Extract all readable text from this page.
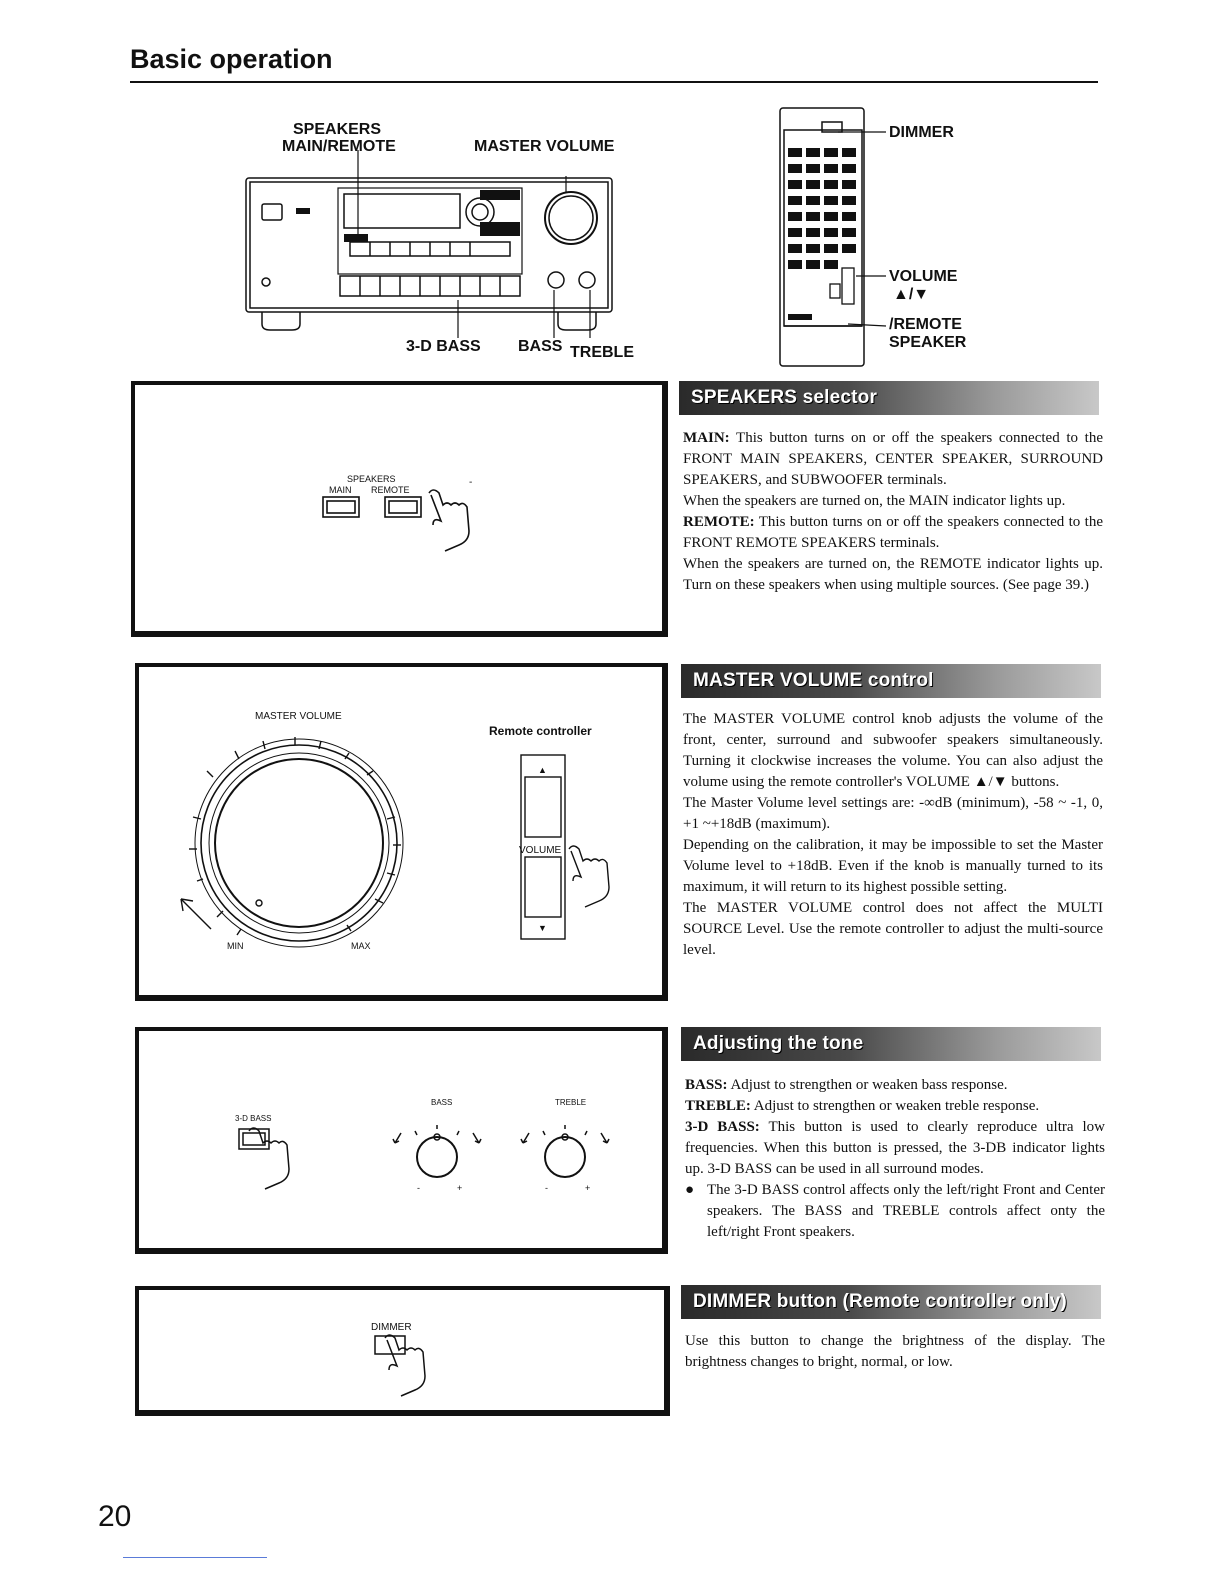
Basic operation
SPEAKERS
MAIN/REMOTE	MASTER VOLUME
3-D BASS BASS TREBLE
DIMMER
VOLUME
▲/▼
/REMOTE
SPEAKER
SPEAKERS
MAIN REMOTE
-
MASTER VOLUME
MIN	MAX
Remote controller
VOLUME
▲
▼
3-D BASS
BASS	TREBLE
-	+	-	+
DIMMER
SPEAKERS selector

MAIN: This button turns on or off the speakers connected to the FRONT MAIN SPEAKERS, CENTER SPEAKER, SURROUND SPEAKERS, and SUBWOOFER terminals.

When the speakers are turned on, the MAIN indicator lights up.

REMOTE: This button turns on or off the speakers connected to the FRONT REMOTE SPEAKERS terminals.

When the speakers are turned on, the REMOTE indicator lights up. Turn on these speakers when using multiple sources. (See page 39.)

MASTER VOLUME control

The MASTER VOLUME control knob adjusts the volume of the front, center, surround and subwoofer speakers simultaneously. Turning it clockwise increases the volume. You can also adjust the volume using the remote controller's VOLUME ▲/▼ buttons.

The Master Volume level settings are: -∞dB (minimum), -58 ~ -1, 0, +1 ~+18dB (maximum).

Depending on the calibration, it may be impossible to set the Master Volume level to +18dB. Even if the knob is manually turned to its maximum, it will return to its highest possible setting.

The MASTER VOLUME control does not affect the MULTI SOURCE Level. Use the remote controller to adjust the multi-source level.

Adjusting the tone

BASS: Adjust to strengthen or weaken bass response.

TREBLE: Adjust to strengthen or weaken treble response.

3-D BASS: This button is used to clearly reproduce ultra low frequencies. When this button is pressed, the 3-DB indicator lights up. 3-D BASS can be used in all surround modes.

● The 3-D BASS control affects only the left/right Front and Center speakers. The BASS and TREBLE controls affect onty the left/right Front speakers.
DIMMER button (Remote controller only)

Use this button to change the brightness of the display. The brightness changes to bright, normal, or low.

20
